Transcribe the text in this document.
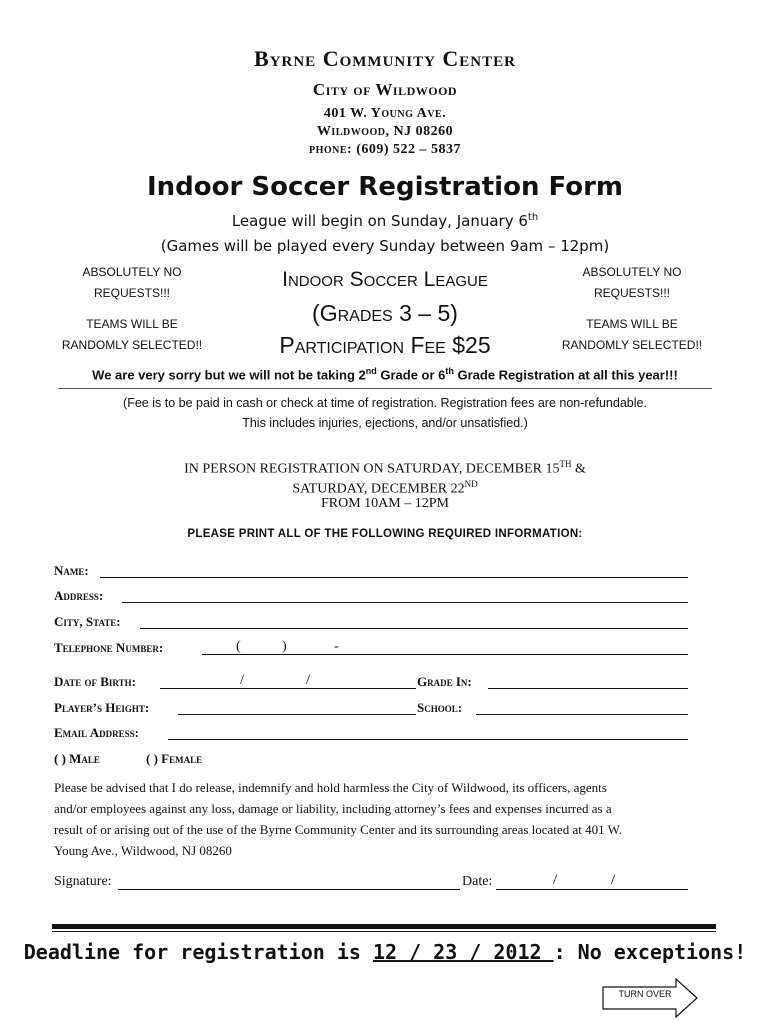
Byrne Community Center
City of Wildwood
401 W. Young Ave.
Wildwood, NJ 08260
phone: (609) 522 – 5837
Indoor Soccer Registration Form
League will begin on Sunday, January 6th
(Games will be played every Sunday between 9am – 12pm)
ABSOLUTELY NO
REQUESTS!!!
TEAMS WILL BE
RANDOMLY SELECTED!!
ABSOLUTELY NO
REQUESTS!!!
TEAMS WILL BE
RANDOMLY SELECTED!!
Indoor Soccer League
(Grades 3 – 5)
Participation Fee $25
We are very sorry but we will not be taking 2nd Grade or 6th Grade Registration at all this year!!!
(Fee is to be paid in cash or check at time of registration. Registration fees are non-refundable.
This includes injuries, ejections, and/or unsatisfied.)
IN PERSON REGISTRATION ON SATURDAY, DECEMBER 15TH &
SATURDAY, DECEMBER 22ND
FROM 10AM – 12PM
PLEASE PRINT ALL OF THE FOLLOWING REQUIRED INFORMATION:
Name:
Address:
City, State:
Telephone Number:	(	)	-
Date of Birth:	/	/	Grade In:
Player’s Height:	School:
Email Address:
( ) Male	( ) Female
Please be advised that I do release, indemnify and hold harmless the City of Wildwood, its officers, agents
and/or employees against any loss, damage or liability, including attorney’s fees and expenses incurred as a
result of or arising out of the use of the Byrne Community Center and its surrounding areas located at 401 W.
Young Ave., Wildwood, NJ 08260
Signature:	Date:	/	/
Deadline for registration is 12 / 23 / 2012 : No exceptions!
TURN OVER
